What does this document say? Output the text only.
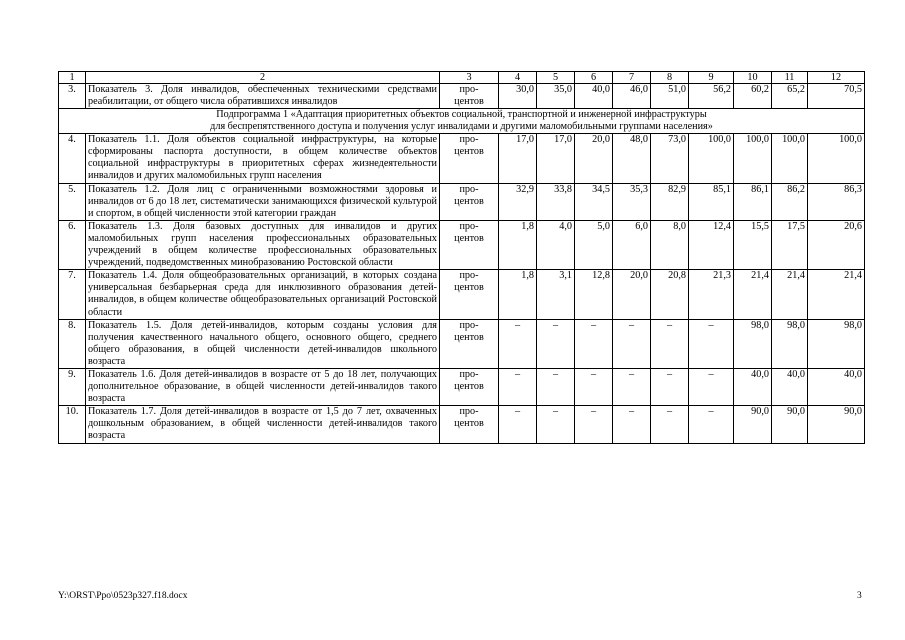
1	2	3	4	5	6	7	8	9	10	11	12
3.	Показатель 3. Доля инвалидов, обеспеченных техническими средствами реабилитации, от общего числа обратившихся инвалидов	про-
центов	30,0	35,0	40,0	46,0	51,0	56,2	60,2	65,2	70,5
Подпрограмма 1 «Адаптация приоритетных объектов социальной, транспортной и инженерной инфраструктуры
для беспрепятственного доступа и получения услуг инвалидами и другими маломобильными группами населения»											
4.	Показатель 1.1. Доля объектов социальной инфраструктуры, на которые сформированы паспорта доступности, в общем количестве объектов социальной инфраструктуры в приоритетных сферах жизнедеятельности инвалидов и других маломобильных групп населения	про-
центов	17,0	17,0	20,0	48,0	73,0	100,0	100,0	100,0	100,0
5.	Показатель 1.2. Доля лиц с ограниченными возможностями здоровья и инвалидов от 6 до 18 лет, систематически занимающихся физической культурой и спортом, в общей численности этой категории граждан	про-
центов	32,9	33,8	34,5	35,3	82,9	85,1	86,1	86,2	86,3
6.	Показатель 1.3. Доля базовых доступных для инвалидов и других маломобильных групп населения профессиональных образовательных учреждений в общем количестве профессиональных образовательных учреждений, подведомственных минобразованию Ростовской области	про-
центов	1,8	4,0	5,0	6,0	8,0	12,4	15,5	17,5	20,6
7.	Показатель 1.4. Доля общеобразовательных организаций, в которых создана универсальная безбарьерная среда для инклюзивного образования детей-инвалидов, в общем количестве общеобразовательных организаций Ростовской области	про-
центов	1,8	3,1	12,8	20,0	20,8	21,3	21,4	21,4	21,4
8.	Показатель 1.5. Доля детей-инвалидов, которым созданы условия для получения качественного начального общего, основного общего, среднего общего образования, в общей численности детей-инвалидов школьного возраста	про-
центов	–	–	–	–	–	–	98,0	98,0	98,0
9.	Показатель 1.6. Доля детей-инвалидов в возрасте от 5 до 18 лет, получающих дополнительное образование, в общей численности детей-инвалидов такого возраста	про-
центов	–	–	–	–	–	–	40,0	40,0	40,0
10.	Показатель 1.7. Доля детей-инвалидов в возрасте от 1,5 до 7 лет, охваченных дошкольным образованием, в общей численности детей-инвалидов такого возраста	про-
центов	–	–	–	–	–	–	90,0	90,0	90,0
Y:\ORST\Ppo\0523p327.f18.docx	3
